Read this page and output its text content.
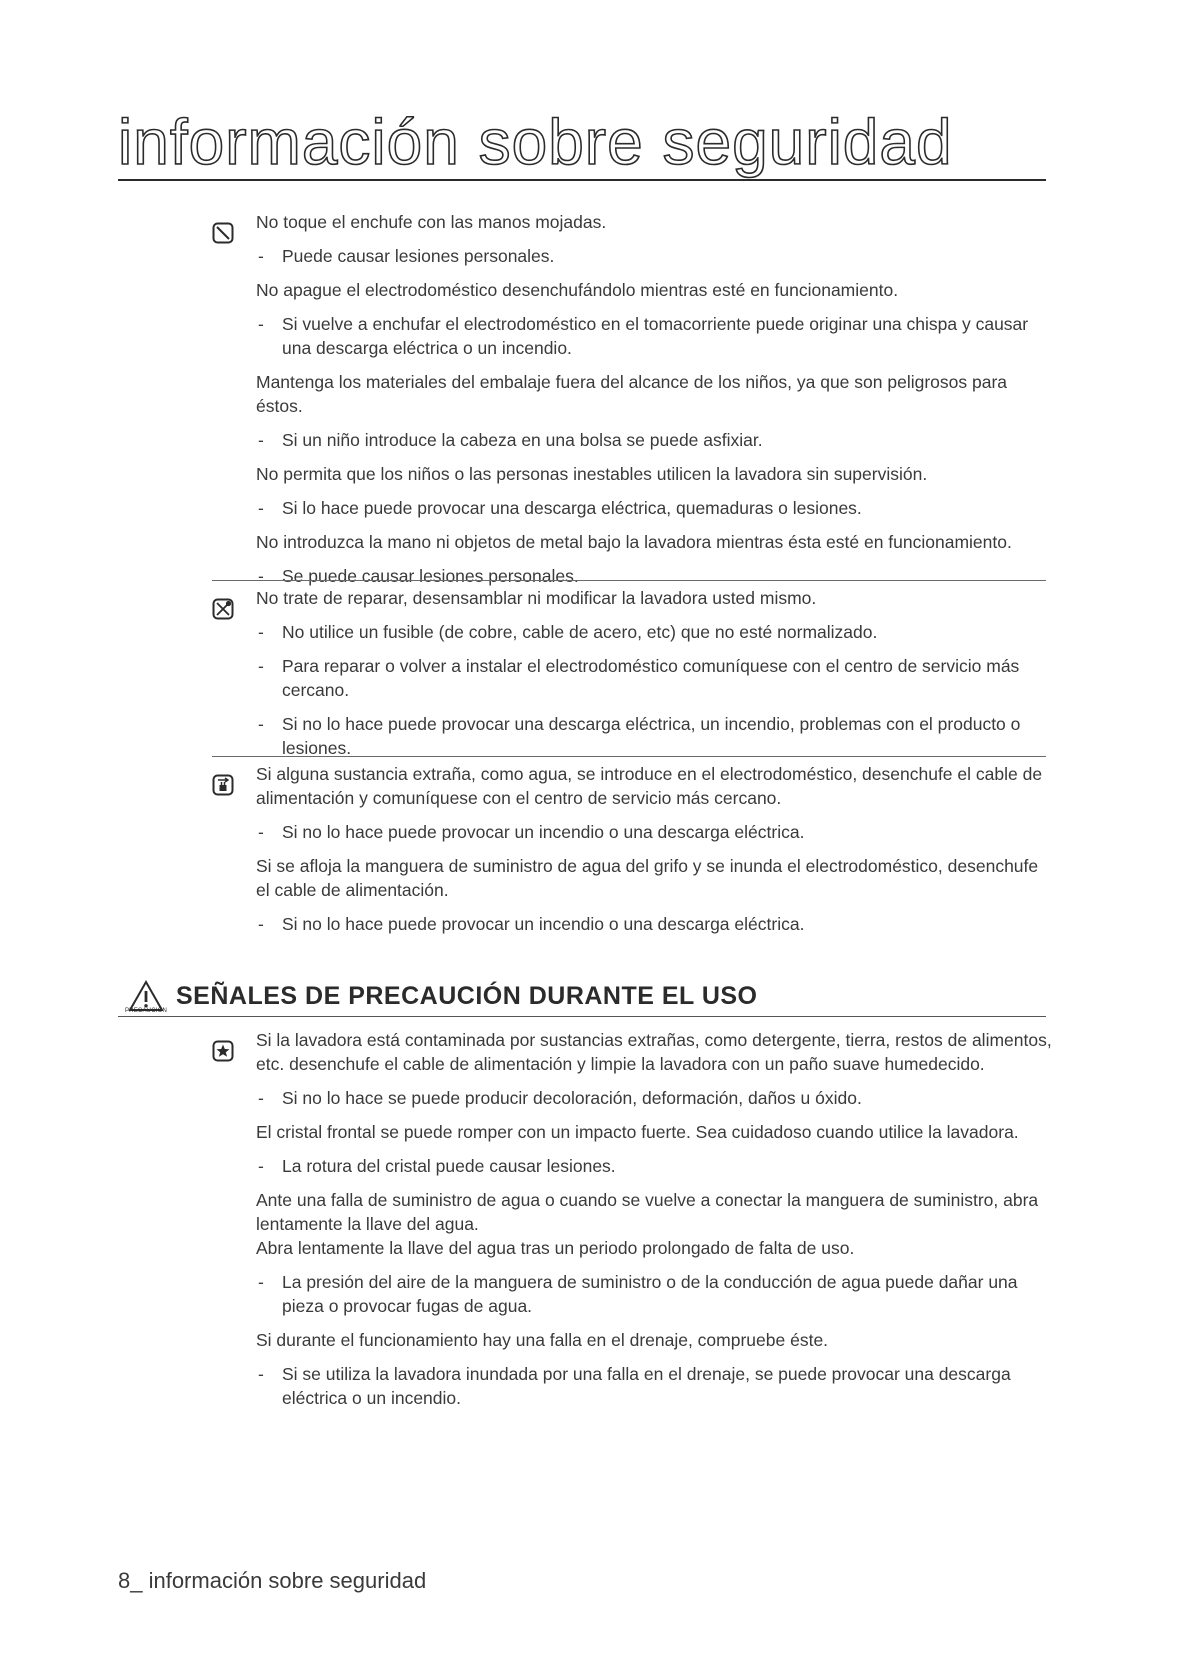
información sobre seguridad

No toque el enchufe con las manos mojadas.

- Puede causar lesiones personales.

No apague el electrodoméstico desenchufándolo mientras esté en funcionamiento.

- Si vuelve a enchufar el electrodoméstico en el tomacorriente puede originar una chispa y causar una descarga eléctrica o un incendio.

Mantenga los materiales del embalaje fuera del alcance de los niños, ya que son peligrosos para éstos.

- Si un niño introduce la cabeza en una bolsa se puede asfixiar.

No permita que los niños o las personas inestables utilicen la lavadora sin supervisión.

- Si lo hace puede provocar una descarga eléctrica, quemaduras o lesiones.

No introduzca la mano ni objetos de metal bajo la lavadora mientras ésta esté en funcionamiento.

- Se puede causar lesiones personales.

No trate de reparar, desensamblar ni modificar la lavadora usted mismo.

- No utilice un fusible (de cobre, cable de acero, etc) que no esté normalizado.

- Para reparar o volver a instalar el electrodoméstico comuníquese con el centro de servicio más cercano.

- Si no lo hace puede provocar una descarga eléctrica, un incendio, problemas con el producto o lesiones.

Si alguna sustancia extraña, como agua, se introduce en el electrodoméstico, desenchufe el cable de alimentación y comuníquese con el centro de servicio más cercano.

- Si no lo hace puede provocar un incendio o una descarga eléctrica.

Si se afloja la manguera de suministro de agua del grifo y se inunda el electrodoméstico, desenchufe el cable de alimentación.

- Si no lo hace puede provocar un incendio o una descarga eléctrica.

PRECAUCIÓN
SEÑALES DE PRECAUCIÓN DURANTE EL USO

Si la lavadora está contaminada por sustancias extrañas, como detergente, tierra, restos de alimentos, etc. desenchufe el cable de alimentación y limpie la lavadora con un paño suave humedecido.

- Si no lo hace se puede producir decoloración, deformación, daños u óxido.

El cristal frontal se puede romper con un impacto fuerte. Sea cuidadoso cuando utilice la lavadora.

- La rotura del cristal puede causar lesiones.

Ante una falla de suministro de agua o cuando se vuelve a conectar la manguera de suministro, abra lentamente la llave del agua.

Abra lentamente la llave del agua tras un periodo prolongado de falta de uso.

- La presión del aire de la manguera de suministro o de la conducción de agua puede dañar una pieza o provocar fugas de agua.

Si durante el funcionamiento hay una falla en el drenaje, compruebe éste.

- Si se utiliza la lavadora inundada por una falla en el drenaje, se puede provocar una descarga eléctrica o un incendio.

8_ información sobre seguridad
